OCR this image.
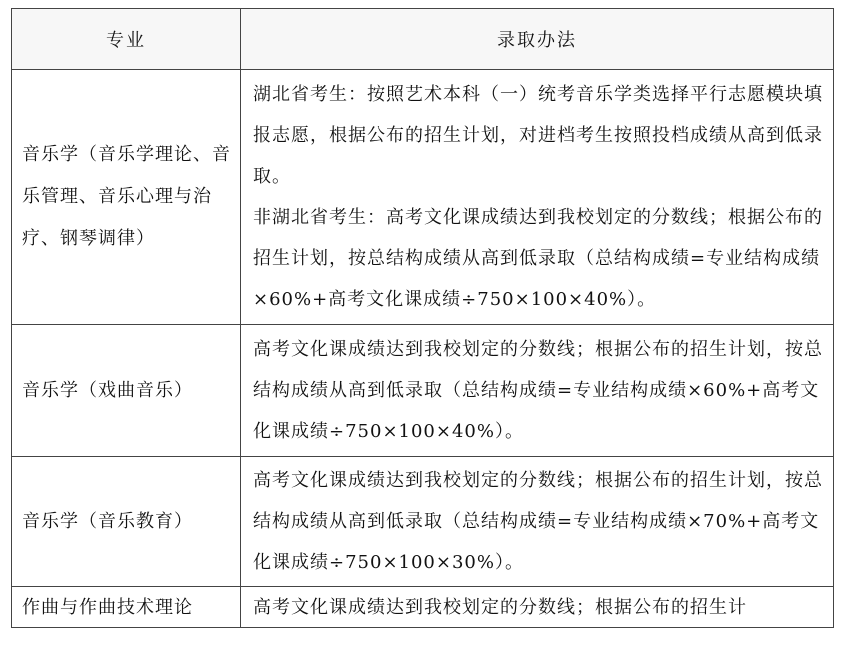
专业	录取办法
音乐学（音乐学理论、音乐管理、音乐心理与治疗、钢琴调律）	湖北省考生：按照艺术本科（一）统考音乐学类选择平行志愿模块填报志愿，根据公布的招生计划，对进档考生按照投档成绩从高到低录取。

非湖北省考生：高考文化课成绩达到我校划定的分数线；根据公布的招生计划，按总结构成绩从高到低录取（总结构成绩=专业结构成绩×60%+高考文化课成绩÷750×100×40%）。

音乐学（戏曲音乐）	高考文化课成绩达到我校划定的分数线；根据公布的招生计划，按总结构成绩从高到低录取（总结构成绩=专业结构成绩×60%+高考文化课成绩÷750×100×40%）。

音乐学（音乐教育）	高考文化课成绩达到我校划定的分数线；根据公布的招生计划，按总结构成绩从高到低录取（总结构成绩=专业结构成绩×70%+高考文化课成绩÷750×100×30%）。

作曲与作曲技术理论	高考文化课成绩达到我校划定的分数线；根据公布的招生计
